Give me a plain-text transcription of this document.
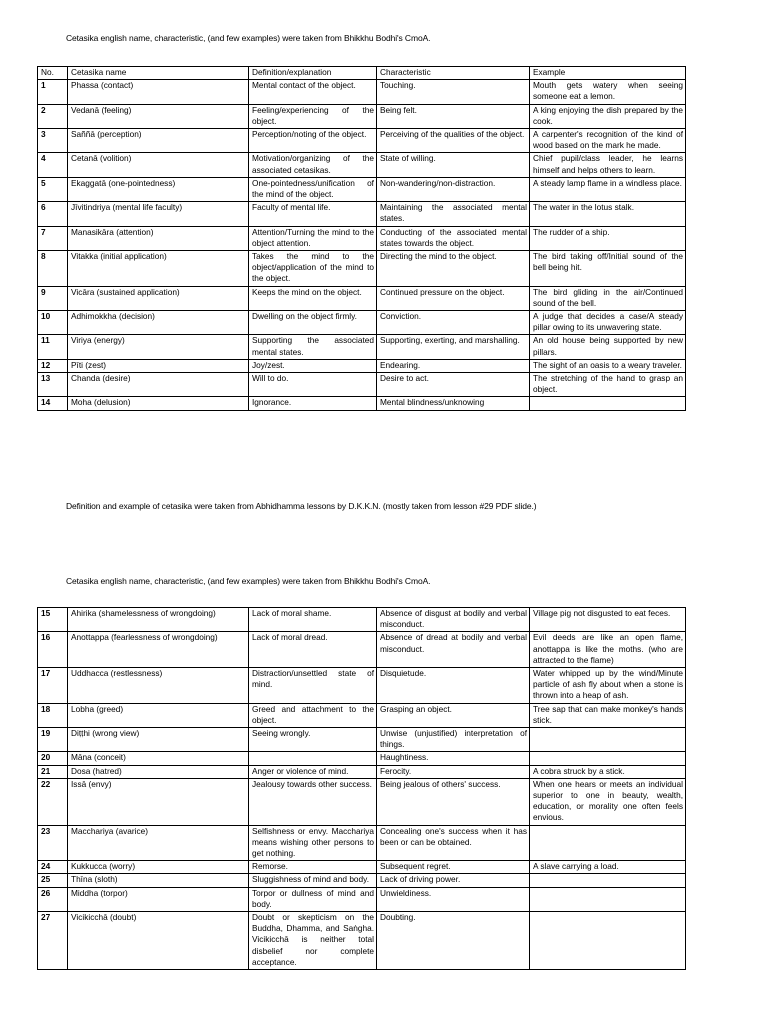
Cetasika english name, characteristic, (and few examples) were taken from Bhikkhu Bodhi's CmoA.
No.	Cetasika name	Definition/explanation	Characteristic	Example
1	Phassa (contact)	Mental contact of the object.	Touching.	Mouth gets watery when seeing someone eat a lemon.
2	Vedanā (feeling)	Feeling/experiencing of the object.	Being felt.	A king enjoying the dish prepared by the cook.
3	Saññā (perception)	Perception/noting of the object.	Perceiving of the qualities of the object.	A carpenter's recognition of the kind of wood based on the mark he made.
4	Cetanā (volition)	Motivation/organizing of the associated cetasikas.	State of willing.	Chief pupil/class leader, he learns himself and helps others to learn.
5	Ekaggatā (one-pointedness)	One-pointedness/unification of the mind of the object.	Non-wandering/non-distraction.	A steady lamp flame in a windless place.
6	Jīvitindriya (mental life faculty)	Faculty of mental life.	Maintaining the associated mental states.	The water in the lotus stalk.
7	Manasikāra (attention)	Attention/Turning the mind to the object attention.	Conducting of the associated mental states towards the object.	The rudder of a ship.
8	Vitakka (initial application)	Takes the mind to the object/application of the mind to the object.	Directing the mind to the object.	The bird taking off/Initial sound of the bell being hit.
9	Vicāra (sustained application)	Keeps the mind on the object.	Continued pressure on the object.	The bird gliding in the air/Continued sound of the bell.
10	Adhimokkha (decision)	Dwelling on the object firmly.	Conviction.	A judge that decides a case/A steady pillar owing to its unwavering state.
11	Viriya (energy)	Supporting the associated mental states.	Supporting, exerting, and marshalling.	An old house being supported by new pillars.
12	Pīti (zest)	Joy/zest.	Endearing.	The sight of an oasis to a weary traveler.
13	Chanda (desire)	Will to do.	Desire to act.	The stretching of the hand to grasp an object.
14	Moha (delusion)	Ignorance.	Mental blindness/unknowing	
Definition and example of cetasika were taken from Abhidhamma lessons by D.K.K.N. (mostly taken from lesson #29 PDF slide.)
Cetasika english name, characteristic, (and few examples) were taken from Bhikkhu Bodhi's CmoA.
15	Ahirika (shamelessness of wrongdoing)	Lack of moral shame.	Absence of disgust at bodily and verbal misconduct.	Village pig not disgusted to eat feces.
16	Anottappa (fearlessness of wrongdoing)	Lack of moral dread.	Absence of dread at bodily and verbal misconduct.	Evil deeds are like an open flame, anottappa is like the moths. (who are attracted to the flame)
17	Uddhacca (restlessness)	Distraction/unsettled state of mind.	Disquietude.	Water whipped up by the wind/Minute particle of ash fly about when a stone is thrown into a heap of ash.
18	Lobha (greed)	Greed and attachment to the object.	Grasping an object.	Tree sap that can make monkey's hands stick.
19	Diṭṭhi (wrong view)	Seeing wrongly.	Unwise (unjustified) interpretation of things.	
20	Māna (conceit)		Haughtiness.	
21	Dosa (hatred)	Anger or violence of mind.	Ferocity.	A cobra struck by a stick.
22	Issā (envy)	Jealousy towards other success.	Being jealous of others' success.	When one hears or meets an individual superior to one in beauty, wealth, education, or morality one often feels envious.
23	Macchariya (avarice)	Selfishness or envy. Macchariya means wishing other persons to get nothing.	Concealing one's success when it has been or can be obtained.	
24	Kukkucca (worry)	Remorse.	Subsequent regret.	A slave carrying a load.
25	Thīna (sloth)	Sluggishness of mind and body.	Lack of driving power.	
26	Middha (torpor)	Torpor or dullness of mind and body.	Unwieldiness.	
27	Vicikicchā (doubt)	Doubt or skepticism on the Buddha, Dhamma, and Saṅgha. Vicikicchā is neither total disbelief nor complete acceptance.	Doubting.	
